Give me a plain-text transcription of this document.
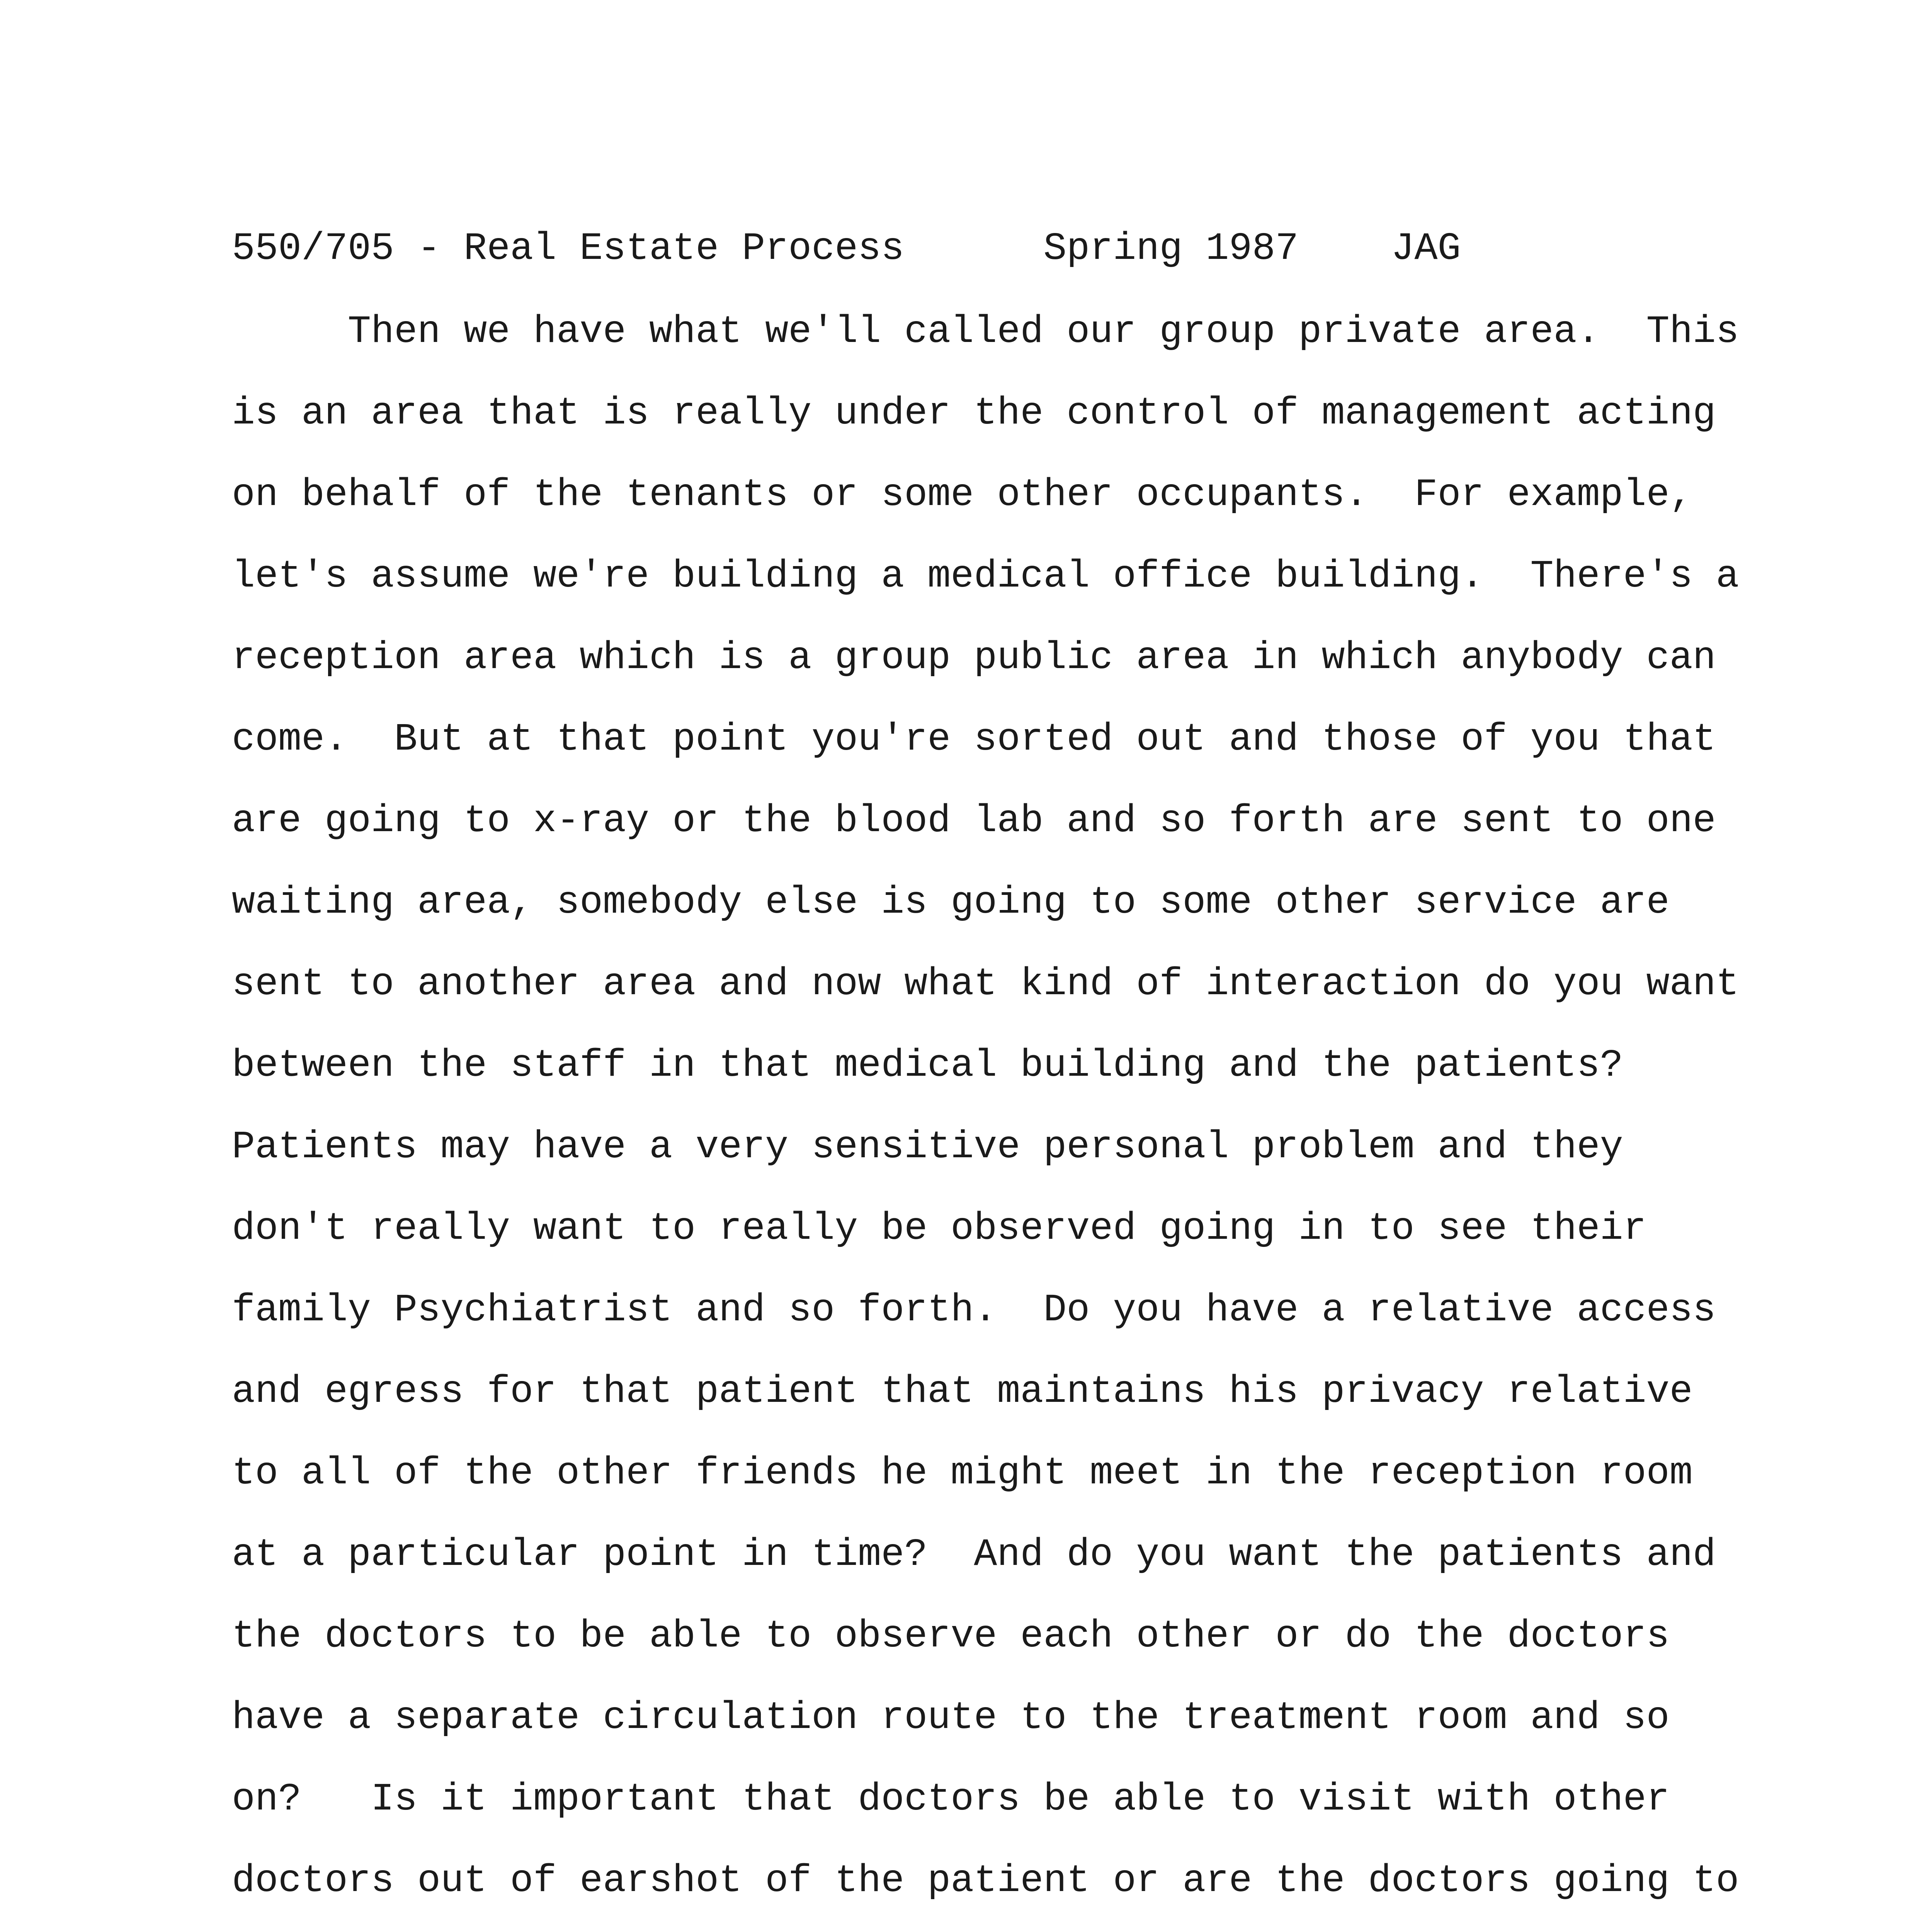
550/705 - Real Estate Process	Spring 1987 JAG
Then we have what we'll called our group private area.  This
is an area that is really under the control of management acting
on behalf of the tenants or some other occupants.  For example,
let's assume we're building a medical office building.  There's a
reception area which is a group public area in which anybody can
come.  But at that point you're sorted out and those of you that
are going to x-ray or the blood lab and so forth are sent to one
waiting area, somebody else is going to some other service are
sent to another area and now what kind of interaction do you want
between the staff in that medical building and the patients?
Patients may have a very sensitive personal problem and they
don't really want to really be observed going in to see their
family Psychiatrist and so forth.  Do you have a relative access
and egress for that patient that maintains his privacy relative
to all of the other friends he might meet in the reception room
at a particular point in time?  And do you want the patients and
the doctors to be able to observe each other or do the doctors
have a separate circulation route to the treatment room and so
on?   Is it important that doctors be able to visit with other
doctors out of earshot of the patient or are the doctors going to
